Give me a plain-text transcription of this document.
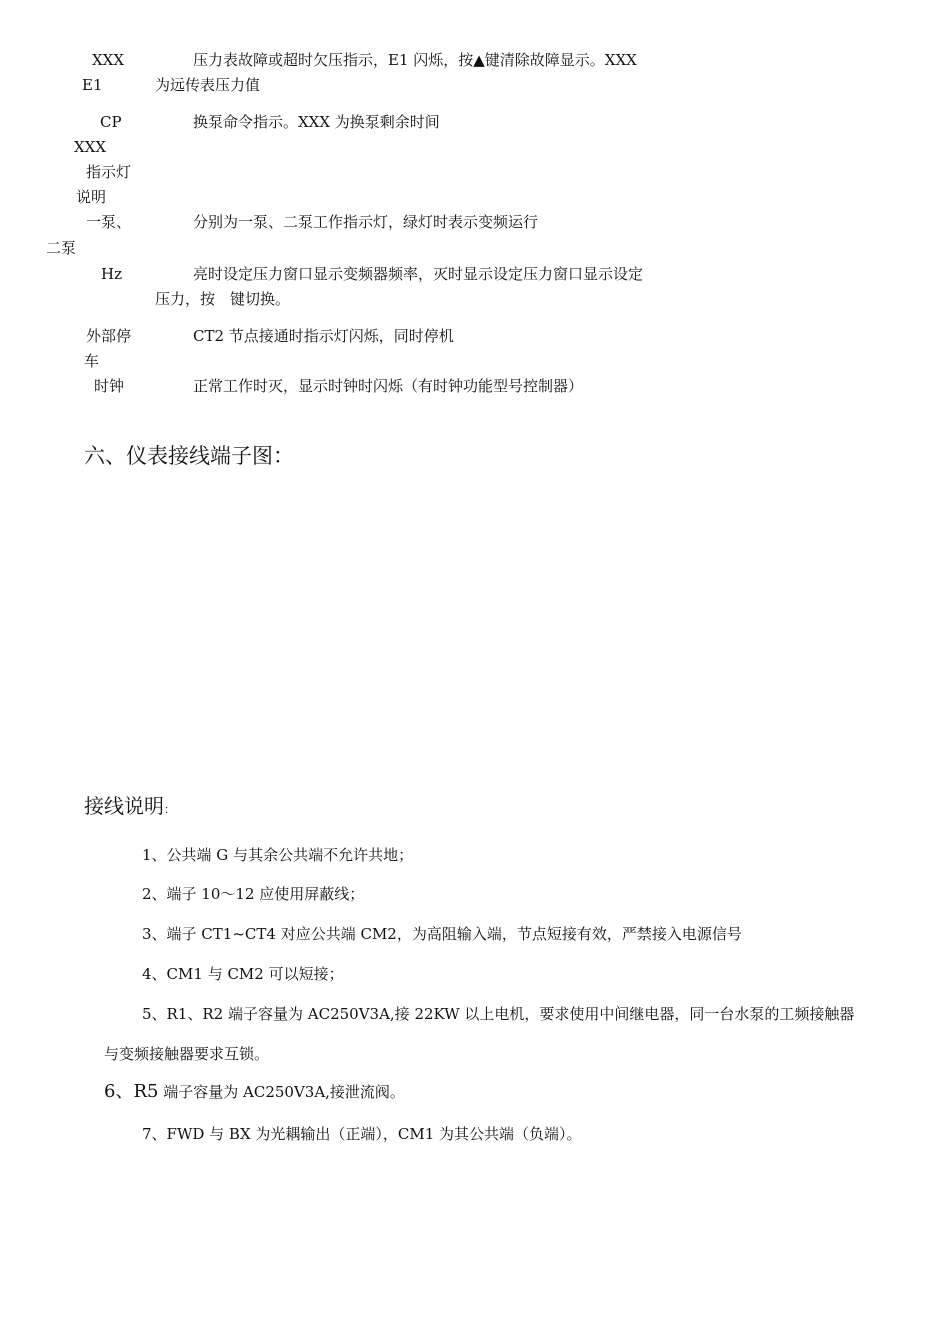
XXX
E1
压力表故障或超时欠压指示，E1 闪烁，按▲键清除故障显示。XXX
为远传表压力值
CP
XXX
换泵命令指示。XXX 为换泵剩余时间
指示灯
说明
一泵、
二泵
分别为一泵、二泵工作指示灯，绿灯时表示变频运行
Hz	亮时设定压力窗口显示变频器频率，灭时显示设定压力窗口显示设定
压力，按　键切换。
外部停
车
CT2 节点接通时指示灯闪烁，同时停机
时钟	正常工作时灭，显示时钟时闪烁（有时钟功能型号控制器）
六、仪表接线端子图：
接线说明：
1、公共端 G 与其余公共端不允许共地；
2、端子 10～12 应使用屏蔽线；
3、端子 CT1~CT4 对应公共端 CM2，为高阻输入端，节点短接有效，严禁接入电源信号
4、CM1 与 CM2 可以短接；
5、R1、R2 端子容量为 AC250V3A,接 22KW 以上电机，要求使用中间继电器，同一台水泵的工频接触器
与变频接触器要求互锁。
6、R5 端子容量为 AC250V3A,接泄流阀。
7、FWD 与 BX 为光耦输出（正端），CM1 为其公共端（负端）。
